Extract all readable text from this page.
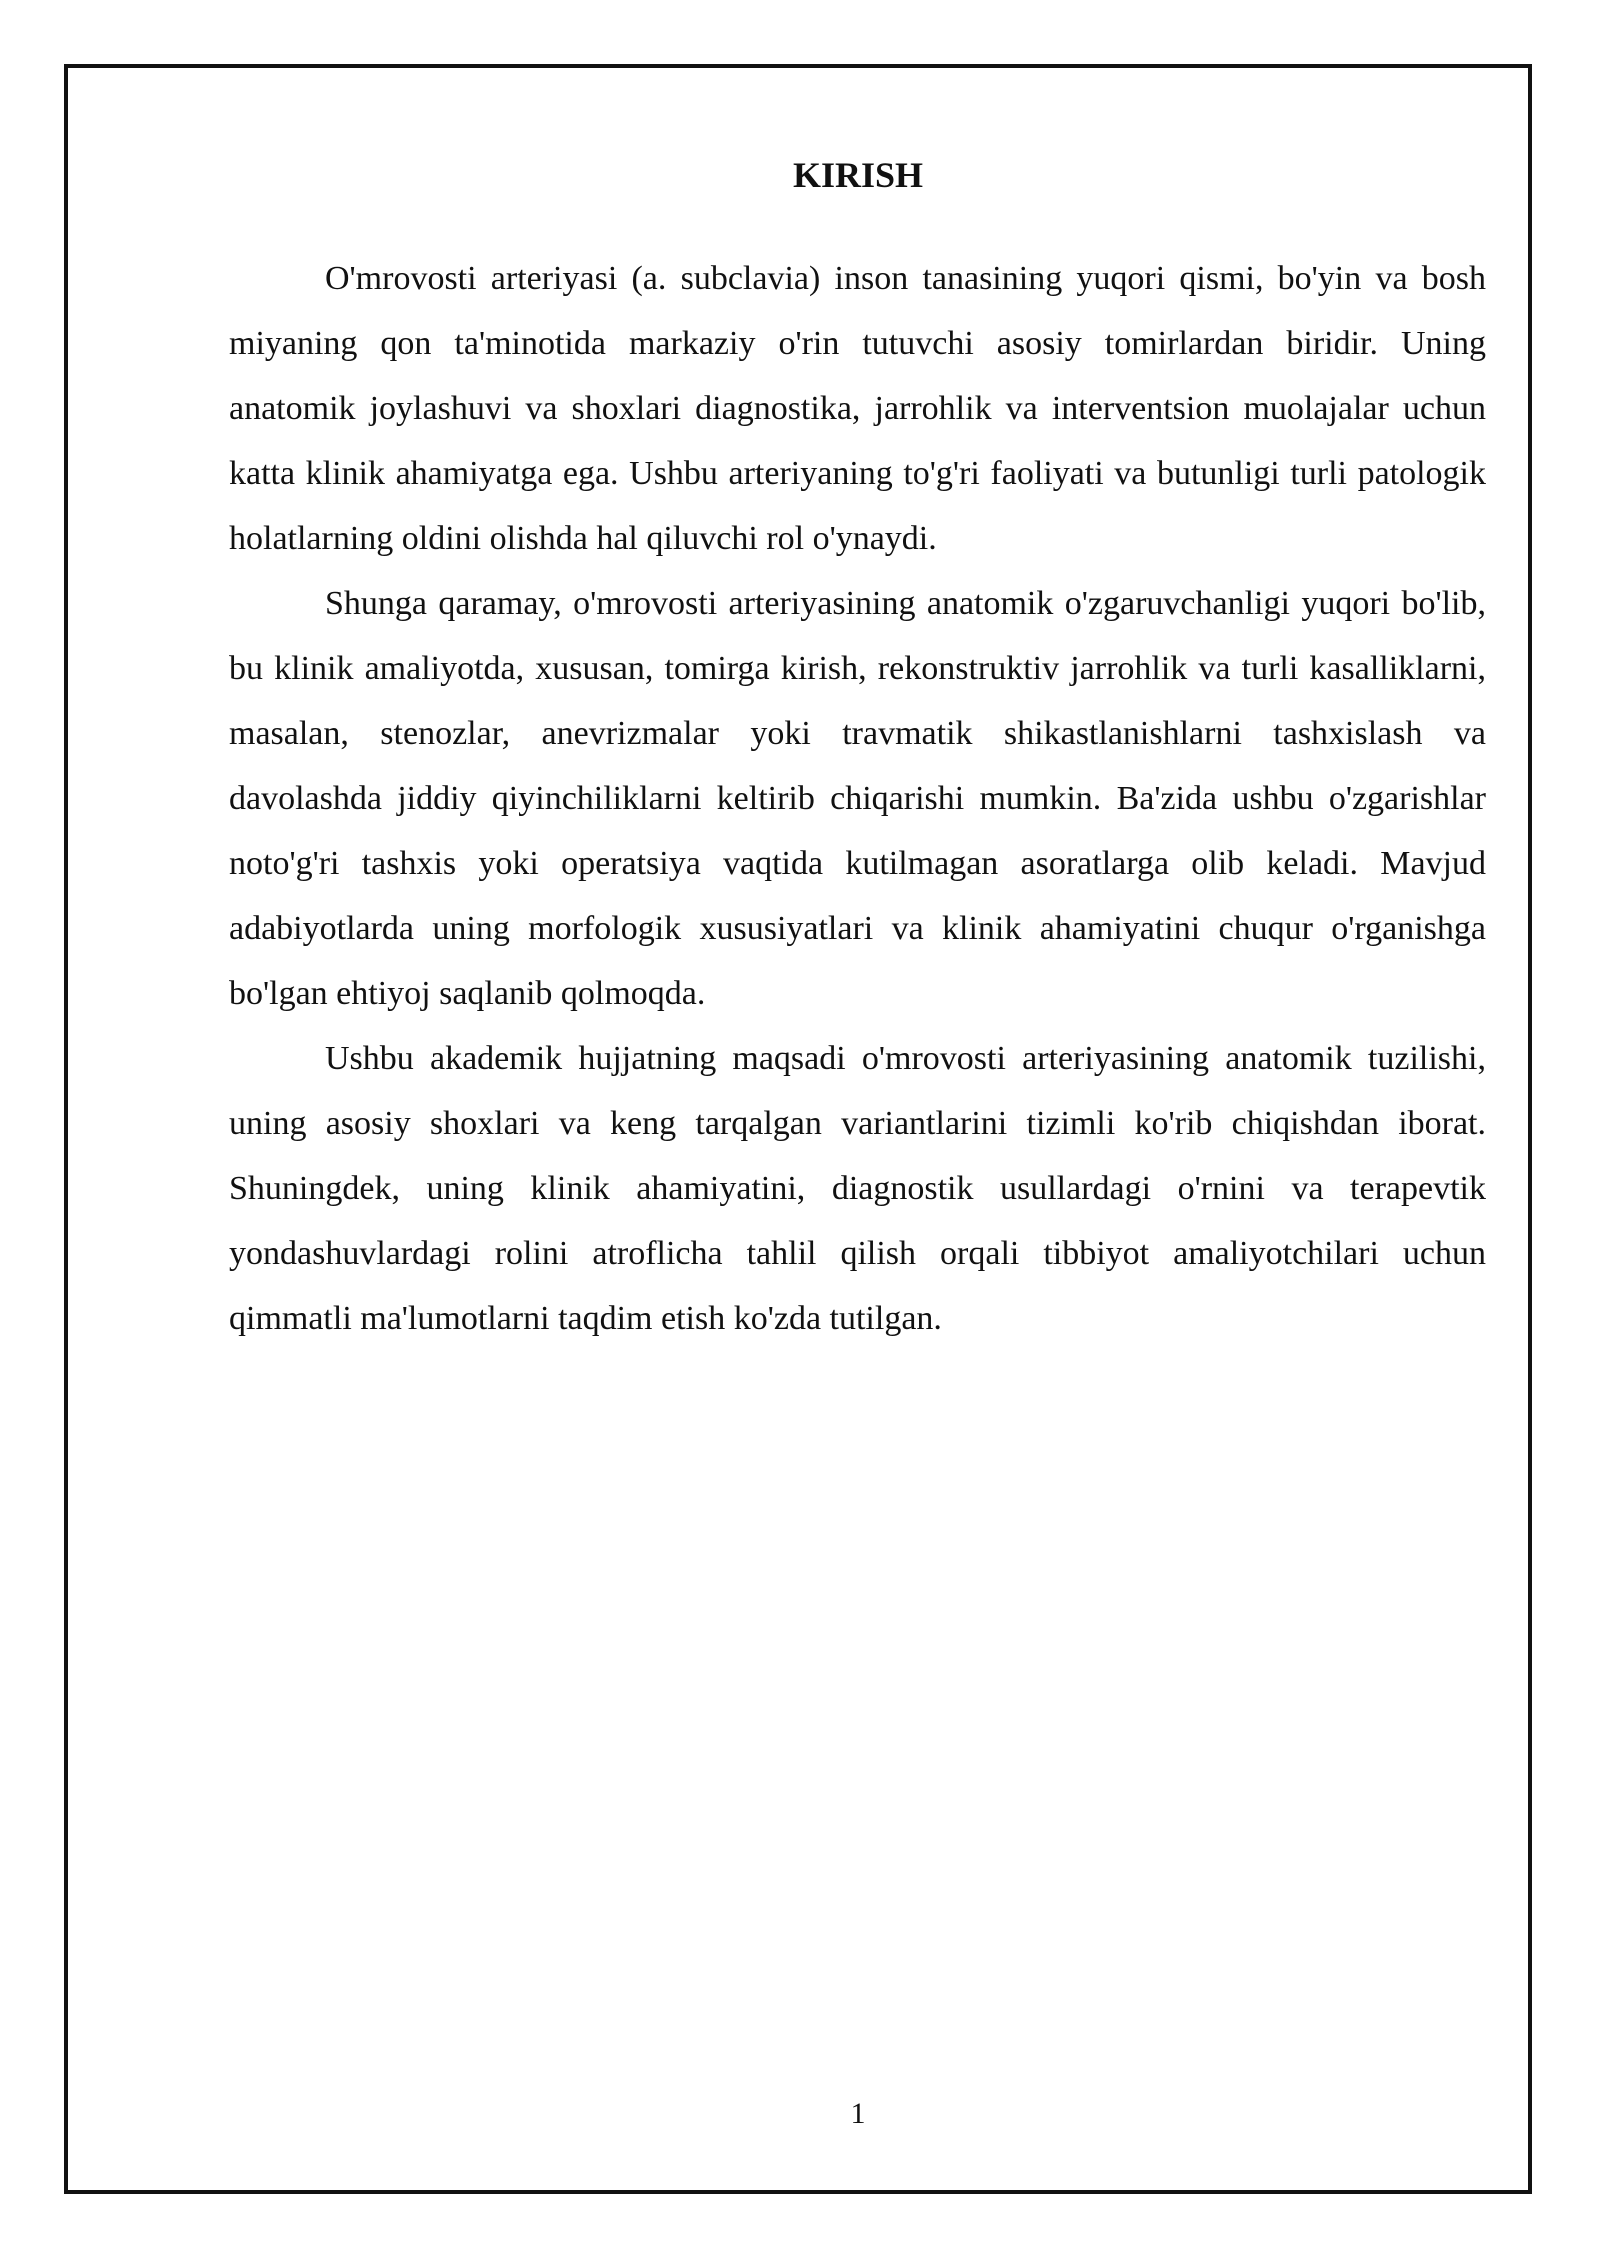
KIRISH

O'mrovosti arteriyasi (a. subclavia) inson tanasining yuqori qismi, bo'yin va bosh miyaning qon ta'minotida markaziy o'rin tutuvchi asosiy tomirlardan biridir. Uning anatomik joylashuvi va shoxlari diagnostika, jarrohlik va interventsion muolajalar uchun katta klinik ahamiyatga ega. Ushbu arteriyaning to'g'ri faoliyati va butunligi turli patologik holatlarning oldini olishda hal qiluvchi rol o'ynaydi.

Shunga qaramay, o'mrovosti arteriyasining anatomik o'zgaruvchanligi yuqori bo'lib, bu klinik amaliyotda, xususan, tomirga kirish, rekonstruktiv jarrohlik va turli kasalliklarni, masalan, stenozlar, anevrizmalar yoki travmatik shikastlanishlarni tashxislash va davolashda jiddiy qiyinchiliklarni keltirib chiqarishi mumkin. Ba'zida ushbu o'zgarishlar noto'g'ri tashxis yoki operatsiya vaqtida kutilmagan asoratlarga olib keladi. Mavjud adabiyotlarda uning morfologik xususiyatlari va klinik ahamiyatini chuqur o'rganishga bo'lgan ehtiyoj saqlanib qolmoqda.

Ushbu akademik hujjatning maqsadi o'mrovosti arteriyasining anatomik tuzilishi, uning asosiy shoxlari va keng tarqalgan variantlarini tizimli ko'rib chiqishdan iborat. Shuningdek, uning klinik ahamiyatini, diagnostik usullardagi o'rnini va terapevtik yondashuvlardagi rolini atroflicha tahlil qilish orqali tibbiyot amaliyotchilari uchun qimmatli ma'lumotlarni taqdim etish ko'zda tutilgan.

1
